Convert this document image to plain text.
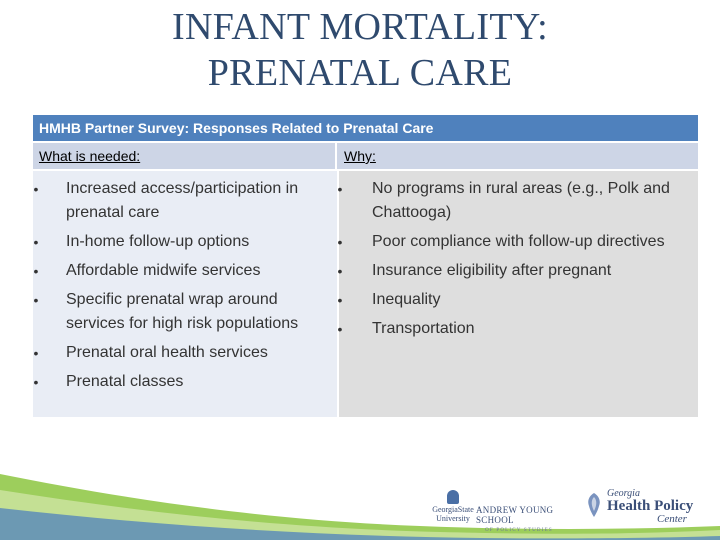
INFANT MORTALITY:
PRENATAL CARE
HMHB Partner Survey: Responses Related to Prenatal Care
What is needed:	Why:
• Increased access/participation in prenatal care
• In-home follow-up options
• Affordable midwife services
• Specific prenatal wrap around services for high risk populations
• Prenatal oral health services
• Prenatal classes
• No programs in rural areas (e.g., Polk and Chattooga)
• Poor compliance with follow-up directives
• Insurance eligibility after pregnant
• Inequality
• Transportation
GeorgiaState
University
ANDREW YOUNG SCHOOL
OF POLICY STUDIES
Georgia
Health Policy
Center
